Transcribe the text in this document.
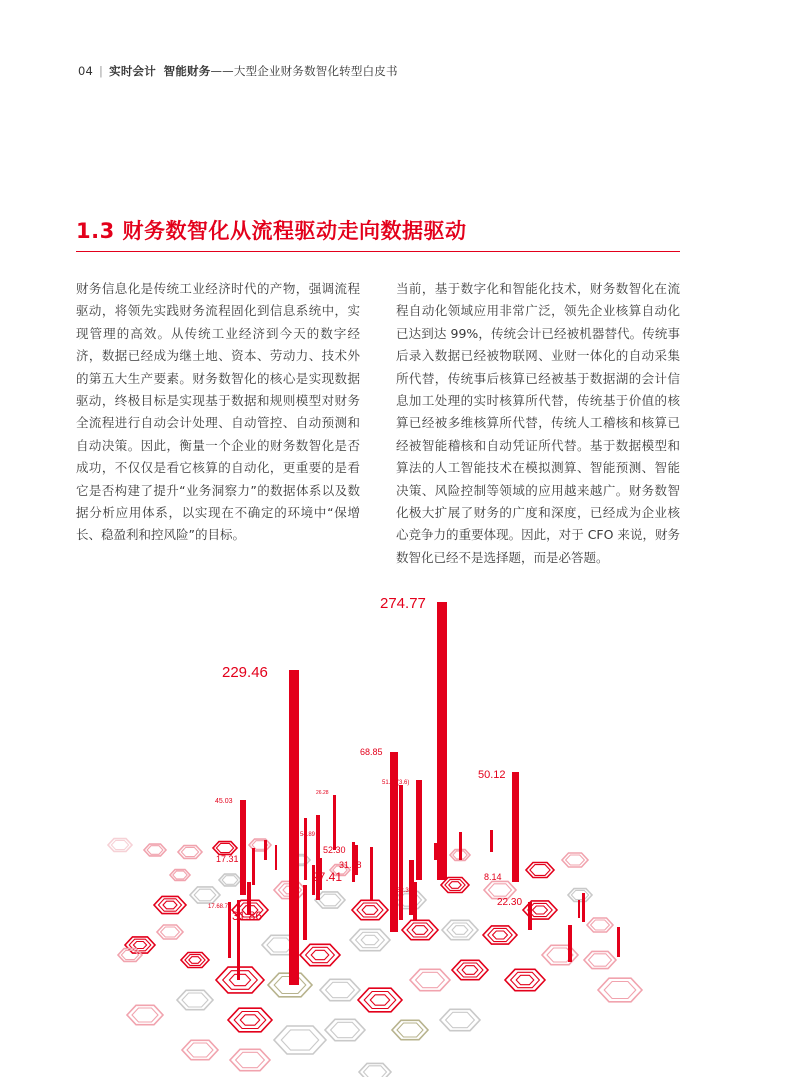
04 | 实时会计 智能财务——大型企业财务数智化转型白皮书
1.3 财务数智化从流程驱动走向数据驱动

财务信息化是传统工业经济时代的产物，强调流程驱动，将领先实践财务流程固化到信息系统中，实现管理的高效。从传统工业经济到今天的数字经济，数据已经成为继土地、资本、劳动力、技术外的第五大生产要素。财务数智化的核心是实现数据驱动，终极目标是实现基于数据和规则模型对财务全流程进行自动会计处理、自动管控、自动预测和自动决策。因此，衡量一个企业的财务数智化是否成功，不仅仅是看它核算的自动化，更重要的是看它是否构建了提升“业务洞察力”的数据体系以及数据分析应用体系，以实现在不确定的环境中“保增长、稳盈利和控风险”的目标。

当前，基于数字化和智能化技术，财务数智化在流程自动化领域应用非常广泛，领先企业核算自动化已达到达 99%，传统会计已经被机器替代。传统事后录入数据已经被物联网、业财一体化的自动采集所代替，传统事后核算已经被基于数据湖的会计信息加工处理的实时核算所代替，传统基于价值的核算已经被多维核算所代替，传统人工稽核和核算已经被智能稽核和自动凭证所代替。基于数据模型和算法的人工智能技术在模拟测算、智能预测、智能决策、风险控制等领域的应用越来越广。财务数智化极大扩展了财务的广度和深度，已经成为企业核心竞争力的重要体现。因此，对于 CFO 来说，财务数智化已经不是选择题，而是必答题。

274.77
229.46
68.85
50.12
45.03
17.31
27.41
31.86
22.30
8.14
52.30
31.58
17.68.72
54.89
51.43(3.6)
26.28
62.30
